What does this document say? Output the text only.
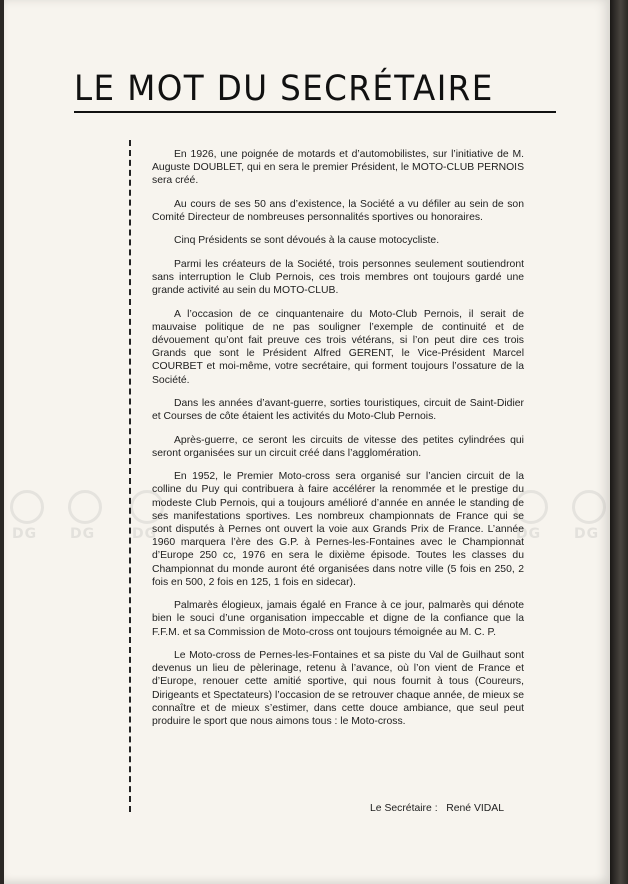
DG DG	DG	DG DG
LE MOT DU SECRÉTAIRE

En 1926, une poignée de motards et d’automobilistes, sur l’initiative de M. Auguste DOUBLET, qui en sera le premier Président, le MOTO-CLUB PERNOIS sera créé.

Au cours de ses 50 ans d’existence, la Société a vu défiler au sein de son Comité Directeur de nombreuses personnalités sportives ou honoraires.

Cinq Présidents se sont dévoués à la cause motocycliste.

Parmi les créateurs de la Société, trois personnes seulement soutiendront sans interruption le Club Pernois, ces trois membres ont toujours gardé une grande activité au sein du MOTO-CLUB.

A l’occasion de ce cinquantenaire du Moto-Club Pernois, il serait de mauvaise politique de ne pas souligner l’exemple de continuité et de dévouement qu’ont fait preuve ces trois vétérans, si l’on peut dire ces trois Grands que sont le Président Alfred GERENT, le Vice-Président Marcel COURBET et moi-même, votre secrétaire, qui forment toujours l’ossature de la Société.

Dans les années d’avant-guerre, sorties touristiques, circuit de Saint-Didier et Courses de côte étaient les activités du Moto-Club Pernois.

Après-guerre, ce seront les circuits de vitesse des petites cylindrées qui seront organisées sur un circuit créé dans l’agglomération.

En 1952, le Premier Moto-cross sera organisé sur l’ancien circuit de la colline du Puy qui contribuera à faire accélérer la renommée et le prestige du modeste Club Pernois, qui a toujours amélioré d’année en année le standing de ses manifestations sportives. Les nombreux championnats de France qui se sont disputés à Pernes ont ouvert la voie aux Grands Prix de France. L’année 1960 marquera l’ère des G.P. à Pernes-les-Fontaines avec le Championnat d’Europe 250 cc, 1976 en sera le dixième épisode. Toutes les classes du Championnat du monde auront été organisées dans notre ville (5 fois en 250, 2 fois en 500, 2 fois en 125, 1 fois en sidecar).

Palmarès élogieux, jamais égalé en France à ce jour, palmarès qui dénote bien le souci d’une organisation impeccable et digne de la confiance que la F.F.M. et sa Commission de Moto-cross ont toujours témoignée au M. C. P.

Le Moto-cross de Pernes-les-Fontaines et sa piste du Val de Guilhaut sont devenus un lieu de pèlerinage, retenu à l’avance, où l’on vient de France et d’Europe, renouer cette amitié sportive, qui nous fournit à tous (Coureurs, Dirigeants et Spectateurs) l’occasion de se retrouver chaque année, de mieux se connaître et de mieux s’estimer, dans cette douce ambiance, que seul peut produire le sport que nous aimons tous : le Moto-cross.

Le Secrétaire :   René VIDAL
